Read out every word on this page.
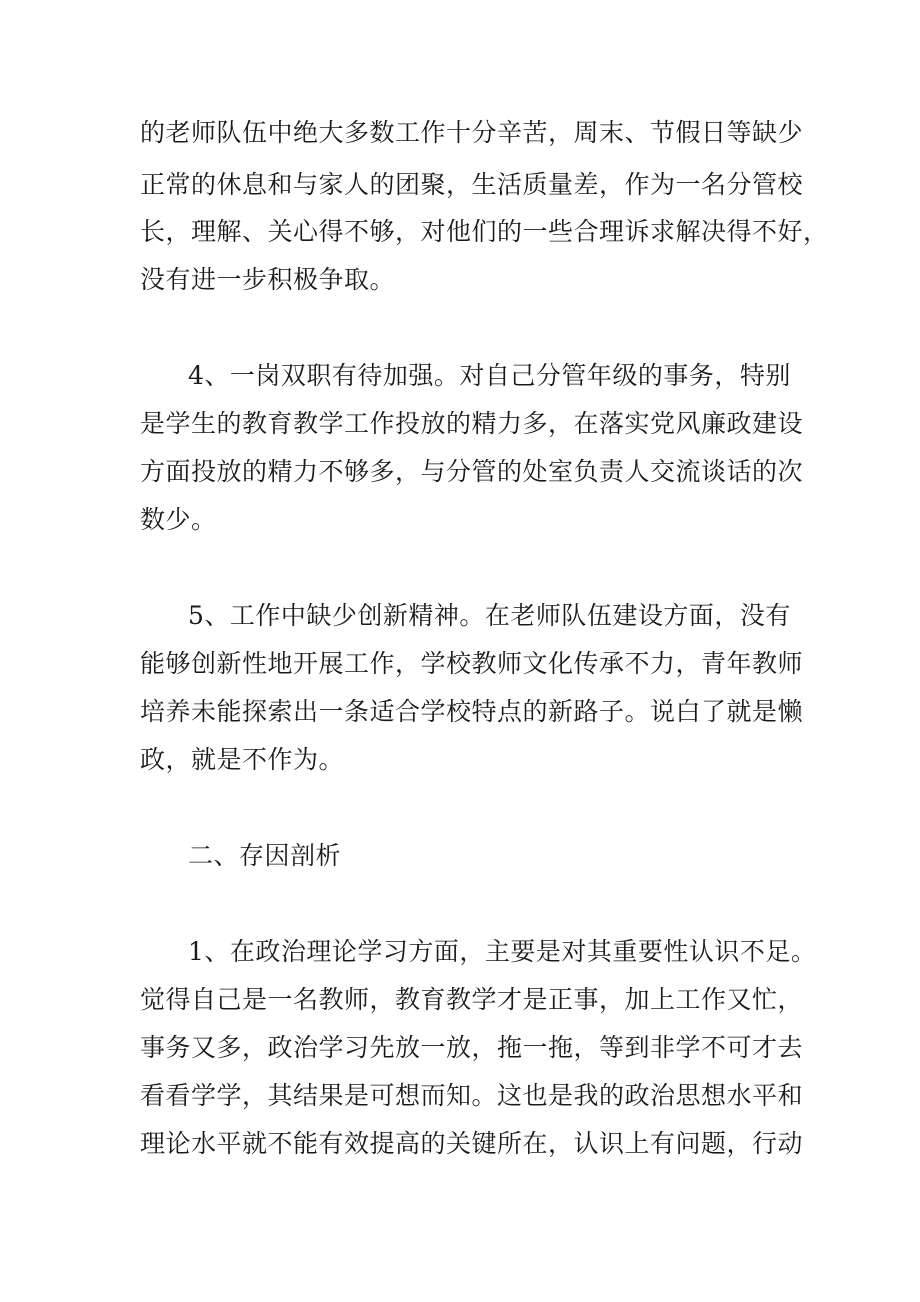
的老师队伍中绝大多数工作十分辛苦，周末、节假日等缺少
正常的休息和与家人的团聚，生活质量差，作为一名分管校
长，理解、关心得不够，对他们的一些合理诉求解决得不好，
没有进一步积极争取。
4、一岗双职有待加强。对自己分管年级的事务，特别
是学生的教育教学工作投放的精力多，在落实党风廉政建设
方面投放的精力不够多，与分管的处室负责人交流谈话的次
数少。
5、工作中缺少创新精神。在老师队伍建设方面，没有
能够创新性地开展工作，学校教师文化传承不力，青年教师
培养未能探索出一条适合学校特点的新路子。说白了就是懒
政，就是不作为。
二、存因剖析
1、在政治理论学习方面，主要是对其重要性认识不足。
觉得自己是一名教师，教育教学才是正事，加上工作又忙，
事务又多，政治学习先放一放，拖一拖，等到非学不可才去
看看学学，其结果是可想而知。这也是我的政治思想水平和
理论水平就不能有效提高的关键所在，认识上有问题，行动
